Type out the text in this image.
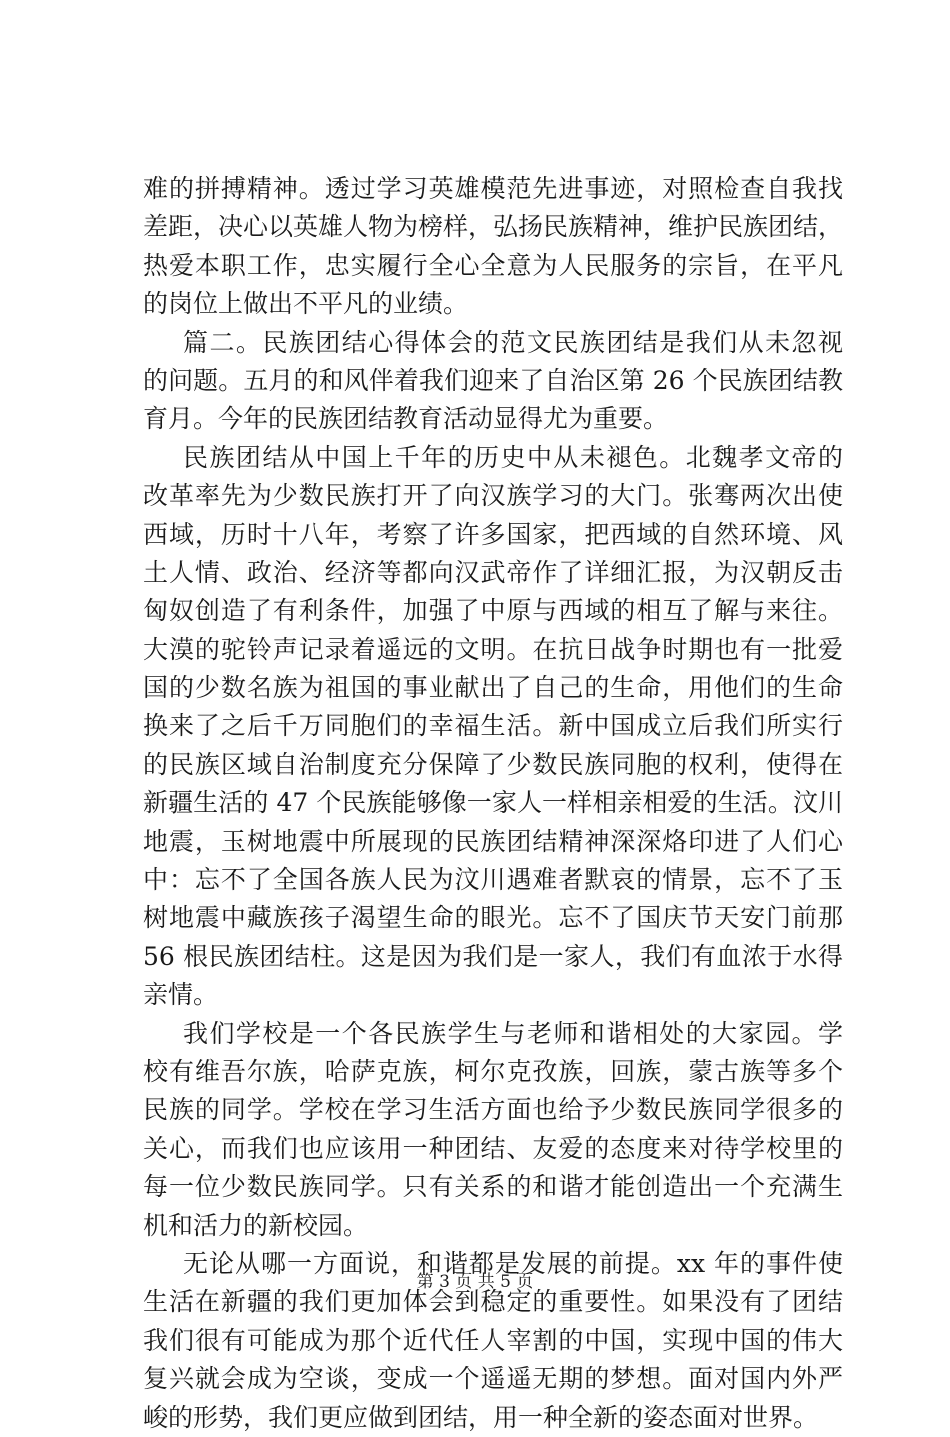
难的拼搏精神。透过学习英雄模范先进事迹，对照检查自我找
差距，决心以英雄人物为榜样，弘扬民族精神，维护民族团结，
热爱本职工作，忠实履行全心全意为人民服务的宗旨，在平凡
的岗位上做出不平凡的业绩。
篇二。民族团结心得体会的范文民族团结是我们从未忽视
的问题。五月的和风伴着我们迎来了自治区第 26 个民族团结教
育月。今年的民族团结教育活动显得尤为重要。
民族团结从中国上千年的历史中从未褪色。北魏孝文帝的
改革率先为少数民族打开了向汉族学习的大门。张骞两次出使
西域，历时十八年，考察了许多国家，把西域的自然环境、风
土人情、政治、经济等都向汉武帝作了详细汇报，为汉朝反击
匈奴创造了有利条件，加强了中原与西域的相互了解与来往。
大漠的驼铃声记录着遥远的文明。在抗日战争时期也有一批爱
国的少数名族为祖国的事业献出了自己的生命，用他们的生命
换来了之后千万同胞们的幸福生活。新中国成立后我们所实行
的民族区域自治制度充分保障了少数民族同胞的权利，使得在
新疆生活的 47 个民族能够像一家人一样相亲相爱的生活。汶川
地震，玉树地震中所展现的民族团结精神深深烙印进了人们心
中：忘不了全国各族人民为汶川遇难者默哀的情景，忘不了玉
树地震中藏族孩子渴望生命的眼光。忘不了国庆节天安门前那
56 根民族团结柱。这是因为我们是一家人，我们有血浓于水得
亲情。
我们学校是一个各民族学生与老师和谐相处的大家园。学
校有维吾尔族，哈萨克族，柯尔克孜族，回族，蒙古族等多个
民族的同学。学校在学习生活方面也给予少数民族同学很多的
关心，而我们也应该用一种团结、友爱的态度来对待学校里的
每一位少数民族同学。只有关系的和谐才能创造出一个充满生
机和活力的新校园。
无论从哪一方面说，和谐都是发展的前提。xx 年的事件使
生活在新疆的我们更加体会到稳定的重要性。如果没有了团结
我们很有可能成为那个近代任人宰割的中国，实现中国的伟大
复兴就会成为空谈，变成一个遥遥无期的梦想。面对国内外严
峻的形势，我们更应做到团结，用一种全新的姿态面对世界。
第 3 页 共 5 页
